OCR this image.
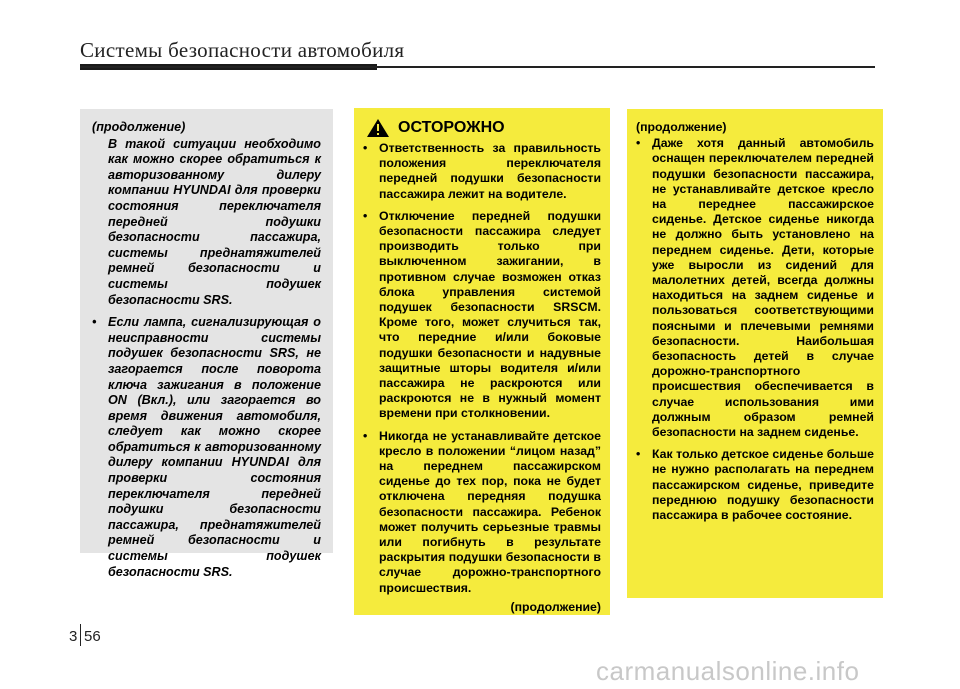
Системы безопасности автомобиля
(продолжение)
В такой ситуации необходимо как можно скорее обратиться к авторизованному дилеру компании HYUNDAI для проверки состояния переключателя передней подушки безопасности пассажира, системы преднатяжителей ремней безопасности и системы подушек безопасности SRS.
• Если лампа, сигнализирующая о неисправности системы подушек безопасности SRS, не загорается после поворота ключа зажигания в положение ON (Вкл.), или загорается во время движения автомобиля, следует как можно скорее обратиться к авторизованному дилеру компании HYUNDAI для проверки состояния переключателя передней подушки безопасности пассажира, преднатяжителей ремней безопасности и системы подушек безопасности SRS.
ОСТОРОЖНО
• Ответственность за правильность положения переключателя передней подушки безопасности пассажира лежит на водителе.
• Отключение передней подушки безопасности пассажира следует производить только при выключенном зажигании, в противном случае возможен отказ блока управления системой подушек безопасности SRSCM. Кроме того, может случиться так, что передние и/или боковые подушки безопасности и надувные защитные шторы водителя и/или пассажира не раскроются или раскроются не в нужный момент времени при столкновении.
• Никогда не устанавливайте детское кресло в положении “лицом назад” на переднем пассажирском сиденье до тех пор, пока не будет отключена передняя подушка безопасности пассажира. Ребенок может получить серьезные травмы или погибнуть в результате раскрытия подушки безопасности в случае дорожно-транспортного происшествия.
(продолжение)
(продолжение)
• Даже хотя данный автомобиль оснащен переключателем передней подушки безопасности пассажира, не устанавливайте детское кресло на переднее пассажирское сиденье. Детское сиденье никогда не должно быть установлено на переднем сиденье. Дети, которые уже выросли из сидений для малолетних детей, всегда должны находиться на заднем сиденье и пользоваться соответствующими поясными и плечевыми ремнями безопасности. Наибольшая безопасность детей в случае дорожно-транспортного происшествия обеспечивается в случае использования ими должным образом ремней безопасности на заднем сиденье.
• Как только детское сиденье больше не нужно располагать на переднем пассажирском сиденье, приведите переднюю подушку безопасности пассажира в рабочее состояние.
3 56
carmanualsonline.info
